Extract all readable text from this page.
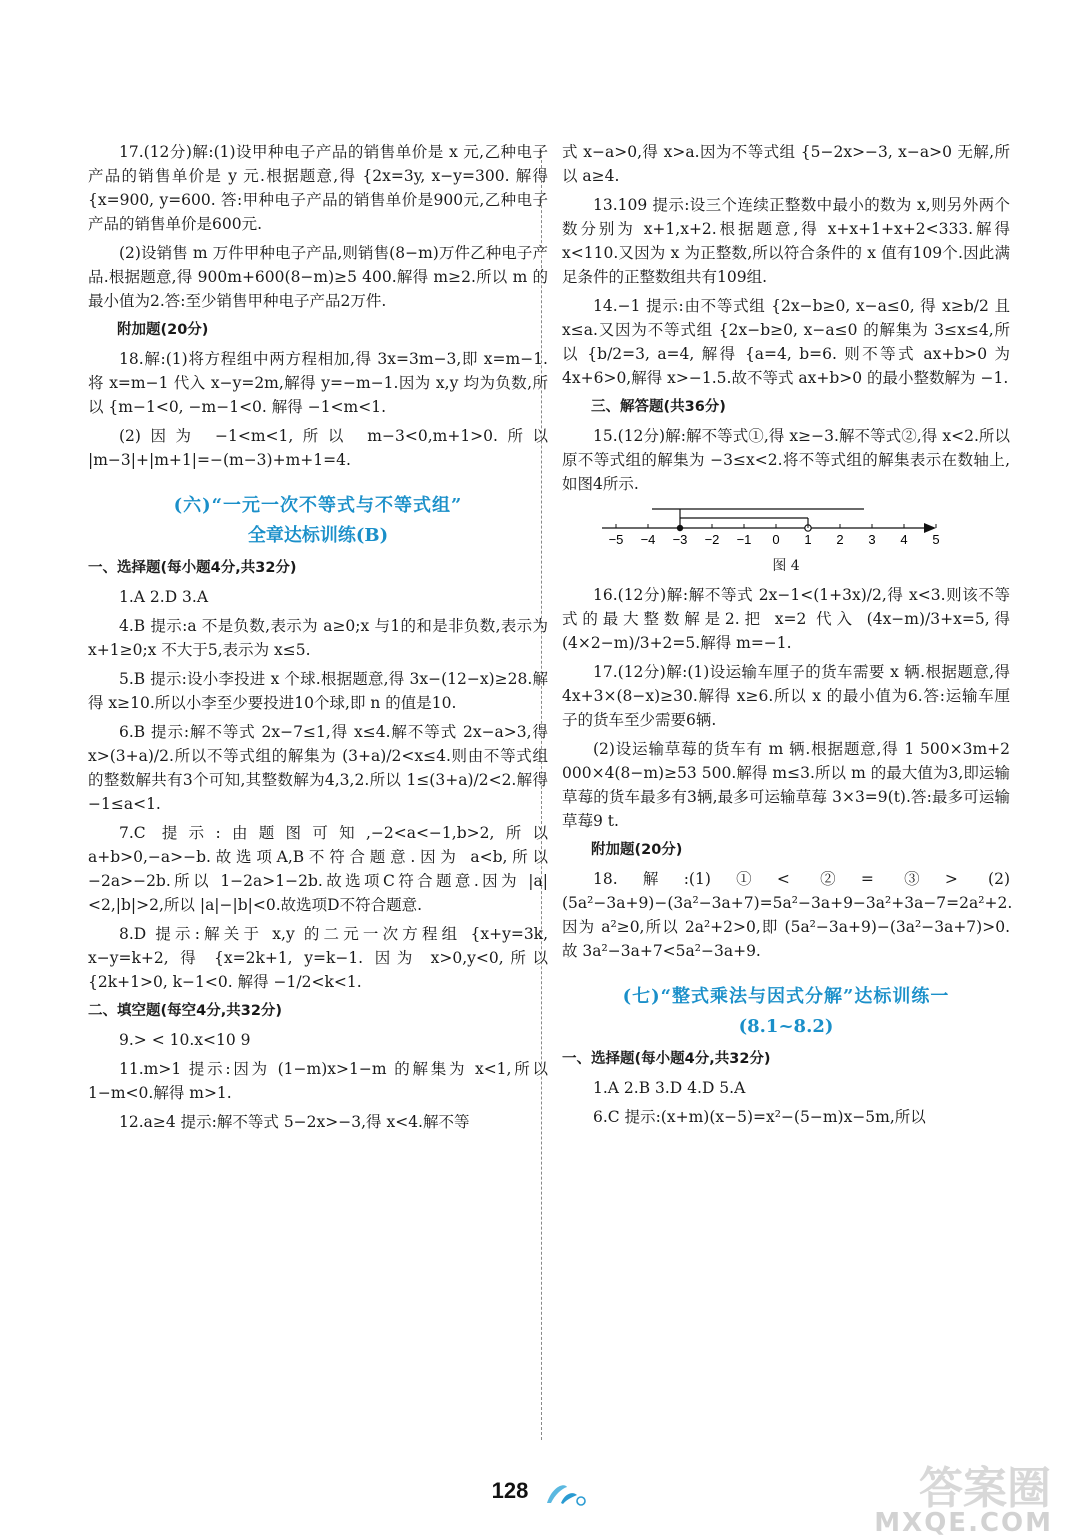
17.(12分)解:(1)设甲种电子产品的销售单价是 x 元,乙种电子产品的销售单价是 y 元.根据题意,得 {2x=3y, x−y=300. 解得 {x=900, y=600. 答:甲种电子产品的销售单价是900元,乙种电子产品的销售单价是600元.

(2)设销售 m 万件甲种电子产品,则销售(8−m)万件乙种电子产品.根据题意,得 900m+600(8−m)≥5 400.解得 m≥2.所以 m 的最小值为2.答:至少销售甲种电子产品2万件.

附加题(20分)

18.解:(1)将方程组中两方程相加,得 3x=3m−3,即 x=m−1.将 x=m−1 代入 x−y=2m,解得 y=−m−1.因为 x,y 均为负数,所以 {m−1<0, −m−1<0. 解得 −1<m<1.

(2)因为 −1<m<1,所以 m−3<0,m+1>0.所以 |m−3|+|m+1|=−(m−3)+m+1=4.

(六)“一元一次不等式与不等式组”
全章达标训练(B)

一、选择题(每小题4分,共32分)

1.A 2.D 3.A

4.B 提示:a 不是负数,表示为 a≥0;x 与1的和是非负数,表示为 x+1≥0;x 不大于5,表示为 x≤5.

5.B 提示:设小李投进 x 个球.根据题意,得 3x−(12−x)≥28.解得 x≥10.所以小李至少要投进10个球,即 n 的值是10.

6.B 提示:解不等式 2x−7≤1,得 x≤4.解不等式 2x−a>3,得 x>(3+a)/2.所以不等式组的解集为 (3+a)/2<x≤4.则由不等式组的整数解共有3个可知,其整数解为4,3,2.所以 1≤(3+a)/2<2.解得 −1≤a<1.

7.C 提示:由题图可知,−2<a<−1,b>2,所以 a+b>0,−a>−b.故选项A,B不符合题意.因为 a<b,所以 −2a>−2b.所以 1−2a>1−2b.故选项C符合题意.因为 |a|<2,|b|>2,所以 |a|−|b|<0.故选项D不符合题意.

8.D 提示:解关于 x,y 的二元一次方程组 {x+y=3k, x−y=k+2, 得 {x=2k+1, y=k−1. 因为 x>0,y<0,所以 {2k+1>0, k−1<0. 解得 −1/2<k<1.

二、填空题(每空4分,共32分)

9.> < 10.x<10 9

11.m>1 提示:因为 (1−m)x>1−m 的解集为 x<1,所以 1−m<0.解得 m>1.

12.a≥4 提示:解不等式 5−2x>−3,得 x<4.解不等

式 x−a>0,得 x>a.因为不等式组 {5−2x>−3, x−a>0 无解,所以 a≥4.

13.109 提示:设三个连续正整数中最小的数为 x,则另外两个数分别为 x+1,x+2.根据题意,得 x+x+1+x+2<333.解得 x<110.又因为 x 为正整数,所以符合条件的 x 值有109个.因此满足条件的正整数组共有109组.

14.−1 提示:由不等式组 {2x−b≥0, x−a≤0, 得 x≥b/2 且 x≤a.又因为不等式组 {2x−b≥0, x−a≤0 的解集为 3≤x≤4,所以 {b/2=3, a=4, 解得 {a=4, b=6. 则不等式 ax+b>0 为 4x+6>0,解得 x>−1.5.故不等式 ax+b>0 的最小整数解为 −1.

三、解答题(共36分)

15.(12分)解:解不等式①,得 x≥−3.解不等式②,得 x<2.所以原不等式组的解集为 −3≤x<2.将不等式组的解集表示在数轴上,如图4所示.

−5 −4 −3 −2 −1 0 1 2 3 4 5

图 4

16.(12分)解:解不等式 2x−1<(1+3x)/2,得 x<3.则该不等式的最大整数解是2.把 x=2 代入 (4x−m)/3+x=5,得 (4×2−m)/3+2=5.解得 m=−1.

17.(12分)解:(1)设运输车厘子的货车需要 x 辆.根据题意,得 4x+3×(8−x)≥30.解得 x≥6.所以 x 的最小值为6.答:运输车厘子的货车至少需要6辆.

(2)设运输草莓的货车有 m 辆.根据题意,得 1 500×3m+2 000×4(8−m)≥53 500.解得 m≤3.所以 m 的最大值为3,即运输草莓的货车最多有3辆,最多可运输草莓 3×3=9(t).答:最多可运输草莓9 t.

附加题(20分)

18.解:(1)①< ②= ③> (2)(5a²−3a+9)−(3a²−3a+7)=5a²−3a+9−3a²+3a−7=2a²+2.因为 a²≥0,所以 2a²+2>0,即 (5a²−3a+9)−(3a²−3a+7)>0.故 3a²−3a+7<5a²−3a+9.

(七)“整式乘法与因式分解”达标训练一
(8.1~8.2)

一、选择题(每小题4分,共32分)

1.A 2.B 3.D 4.D 5.A

6.C 提示:(x+m)(x−5)=x²−(5−m)x−5m,所以

128	答案圈
MXQE.COM
